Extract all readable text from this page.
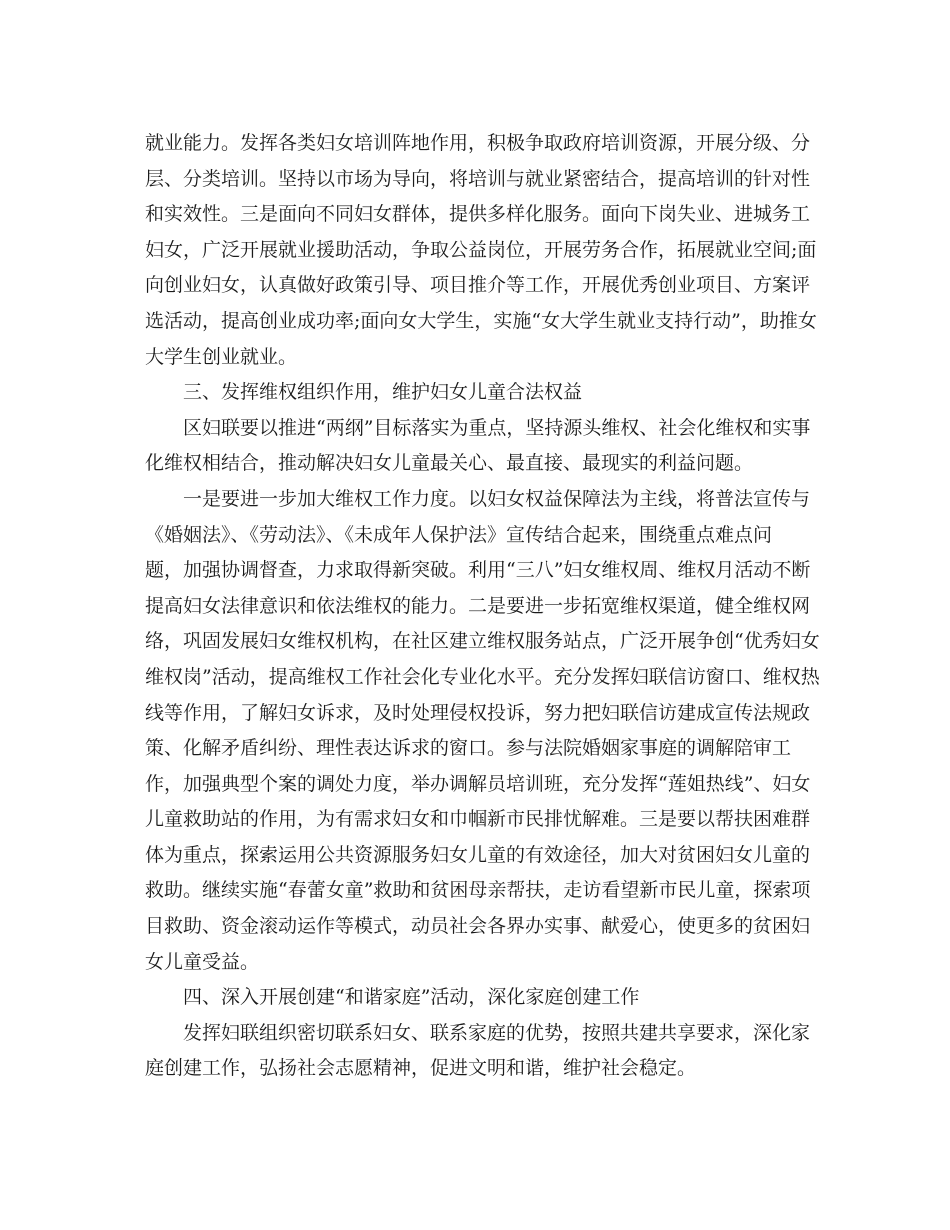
就业能力。发挥各类妇女培训阵地作用，积极争取政府培训资源，开展分级、分
层、分类培训。坚持以市场为导向，将培训与就业紧密结合，提高培训的针对性
和实效性。三是面向不同妇女群体，提供多样化服务。面向下岗失业、进城务工
妇女，广泛开展就业援助活动，争取公益岗位，开展劳务合作，拓展就业空间;面
向创业妇女，认真做好政策引导、项目推介等工作，开展优秀创业项目、方案评
选活动，提高创业成功率;面向女大学生，实施“女大学生就业支持行动”，助推女
大学生创业就业。
三、发挥维权组织作用，维护妇女儿童合法权益
区妇联要以推进“两纲”目标落实为重点，坚持源头维权、社会化维权和实事
化维权相结合，推动解决妇女儿童最关心、最直接、最现实的利益问题。
一是要进一步加大维权工作力度。以妇女权益保障法为主线，将普法宣传与
《婚姻法》、《劳动法》、《未成年人保护法》宣传结合起来，围绕重点难点问
题，加强协调督查，力求取得新突破。利用“三八”妇女维权周、维权月活动不断
提高妇女法律意识和依法维权的能力。二是要进一步拓宽维权渠道，健全维权网
络，巩固发展妇女维权机构，在社区建立维权服务站点，广泛开展争创“优秀妇女
维权岗”活动，提高维权工作社会化专业化水平。充分发挥妇联信访窗口、维权热
线等作用，了解妇女诉求，及时处理侵权投诉，努力把妇联信访建成宣传法规政
策、化解矛盾纠纷、理性表达诉求的窗口。参与法院婚姻家事庭的调解陪审工
作，加强典型个案的调处力度，举办调解员培训班，充分发挥“莲姐热线”、妇女
儿童救助站的作用，为有需求妇女和巾帼新市民排忧解难。三是要以帮扶困难群
体为重点，探索运用公共资源服务妇女儿童的有效途径，加大对贫困妇女儿童的
救助。继续实施“春蕾女童”救助和贫困母亲帮扶，走访看望新市民儿童，探索项
目救助、资金滚动运作等模式，动员社会各界办实事、献爱心，使更多的贫困妇
女儿童受益。
四、深入开展创建“和谐家庭”活动，深化家庭创建工作
发挥妇联组织密切联系妇女、联系家庭的优势，按照共建共享要求，深化家
庭创建工作，弘扬社会志愿精神，促进文明和谐，维护社会稳定。
